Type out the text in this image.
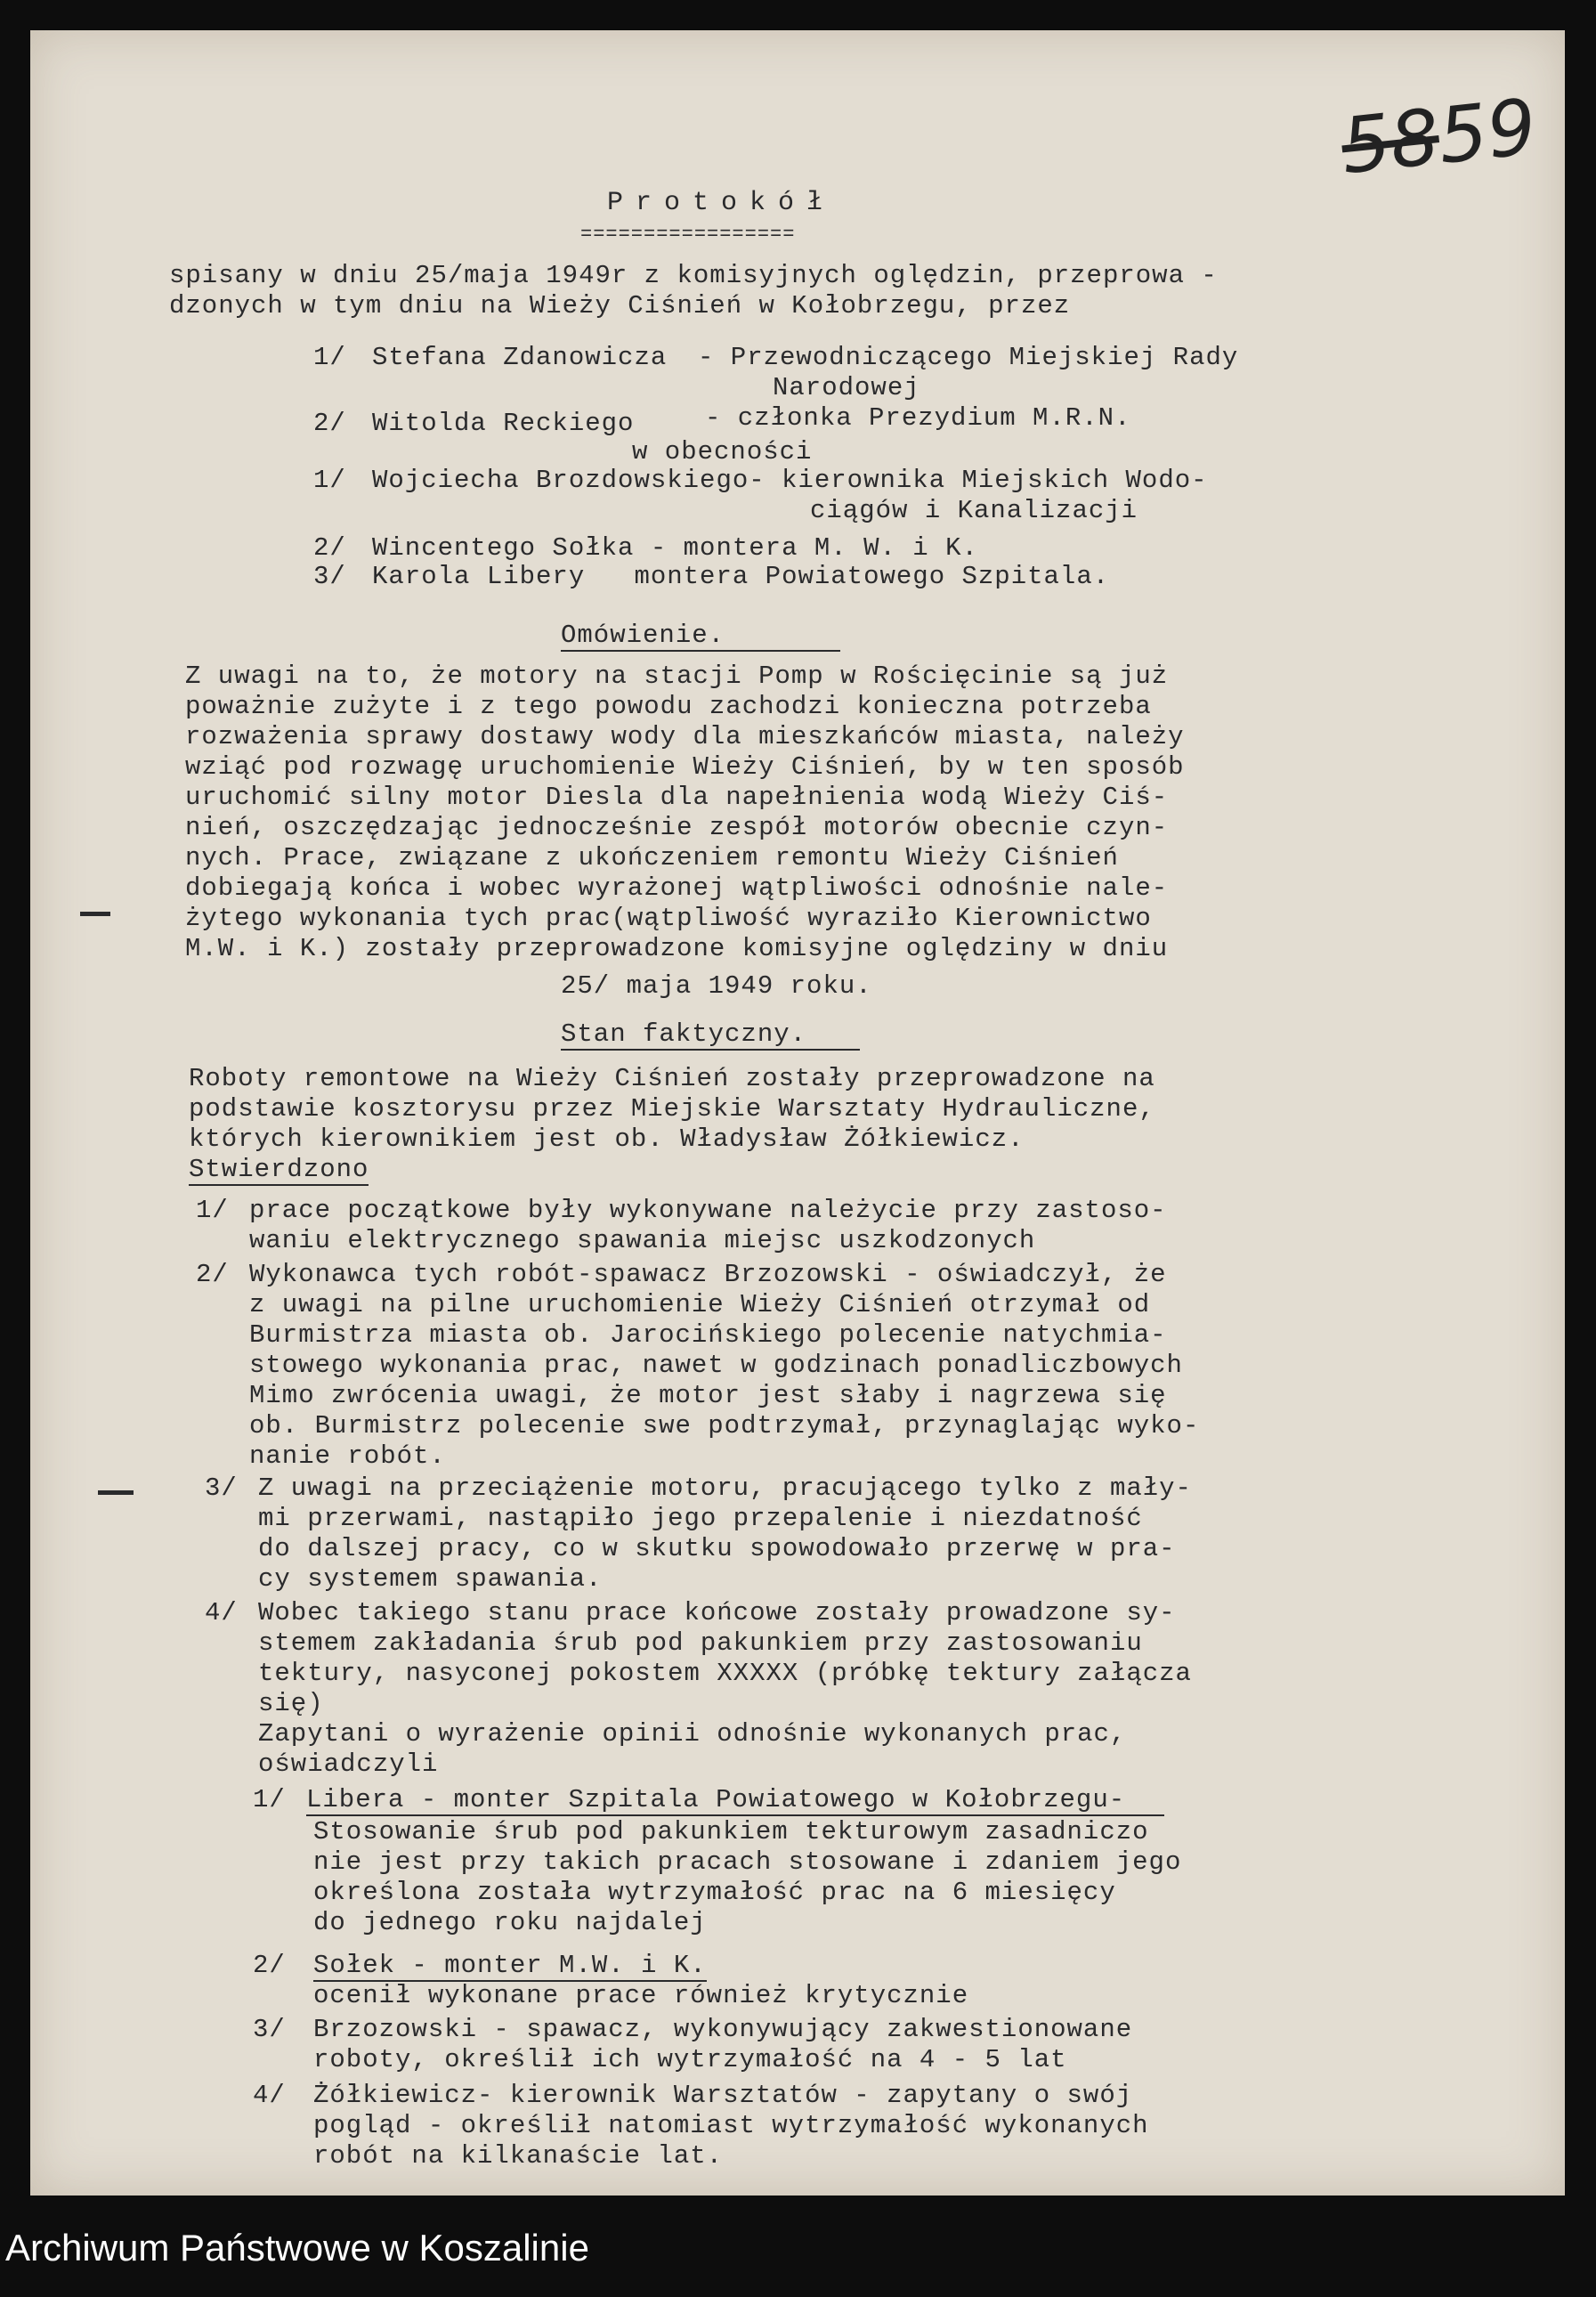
5859
Protokół
=================
spisany w dniu 25/maja 1949r z komisyjnych oględzin, przeprowa -
dzonych w tym dniu na Wieży Ciśnień w Kołobrzegu, przez
1/ Stefana Zdanowicza - Przewodniczącego Miejskiej Rady
Narodowej
2/ Witolda Reckiego	- członka Prezydium M.R.N.
w obecności
1/ Wojciecha Brozdowskiego- kierownika Miejskich Wodo-
ciągów i Kanalizacji
2/ Wincentego Sołka - montera M. W. i K.
3/ Karola Libery   montera Powiatowego Szpitala.
Omówienie.
Z uwagi na to, że motory na stacji Pomp w Rościęcinie są już
poważnie zużyte i z tego powodu zachodzi konieczna potrzeba
rozważenia sprawy dostawy wody dla mieszkańców miasta, należy
wziąć pod rozwagę uruchomienie Wieży Ciśnień, by w ten sposób
uruchomić silny motor Diesla dla napełnienia wodą Wieży Ciś-
nień, oszczędzając jednocześnie zespół motorów obecnie czyn-
nych. Prace, związane z ukończeniem remontu Wieży Ciśnień
dobiegają końca i wobec wyrażonej wątpliwości odnośnie nale-
żytego wykonania tych prac(wątpliwość wyraziło Kierownictwo
M.W. i K.) zostały przeprowadzone komisyjne oględziny w dniu
25/ maja 1949 roku.
Stan faktyczny.
Roboty remontowe na Wieży Ciśnień zostały przeprowadzone na
podstawie kosztorysu przez Miejskie Warsztaty Hydrauliczne,
których kierownikiem jest ob. Władysław Żółkiewicz.
Stwierdzono
1/ prace początkowe były wykonywane należycie przy zastoso-
waniu elektrycznego spawania miejsc uszkodzonych
2/ Wykonawca tych robót-spawacz Brzozowski - oświadczył, że
z uwagi na pilne uruchomienie Wieży Ciśnień otrzymał od
Burmistrza miasta ob. Jarocińskiego polecenie natychmia-
stowego wykonania prac, nawet w godzinach ponadliczbowych
Mimo zwrócenia uwagi, że motor jest słaby i nagrzewa się
ob. Burmistrz polecenie swe podtrzymał, przynaglając wyko-
nanie robót.
3/ Z uwagi na przeciążenie motoru, pracującego tylko z mały-
mi przerwami, nastąpiło jego przepalenie i niezdatność
do dalszej pracy, co w skutku spowodowało przerwę w pra-
cy systemem spawania.
4/ Wobec takiego stanu prace końcowe zostały prowadzone sy-
stemem zakładania śrub pod pakunkiem przy zastosowaniu
tektury, nasyconej pokostem XXXXX (próbkę tektury załącza
się)
Zapytani o wyrażenie opinii odnośnie wykonanych prac,
oświadczyli
1/ Libera - monter Szpitala Powiatowego w Kołobrzegu-
Stosowanie śrub pod pakunkiem tekturowym zasadniczo
nie jest przy takich pracach stosowane i zdaniem jego
określona została wytrzymałość prac na 6 miesięcy
do jednego roku najdalej
2/ Sołek - monter M.W. i K.
ocenił wykonane prace również krytycznie
3/ Brzozowski - spawacz, wykonywujący zakwestionowane
roboty, określił ich wytrzymałość na 4 - 5 lat
4/ Żółkiewicz- kierownik Warsztatów - zapytany o swój
pogląd - określił natomiast wytrzymałość wykonanych
robót na kilkanaście lat.
Archiwum Państwowe w Koszalinie
